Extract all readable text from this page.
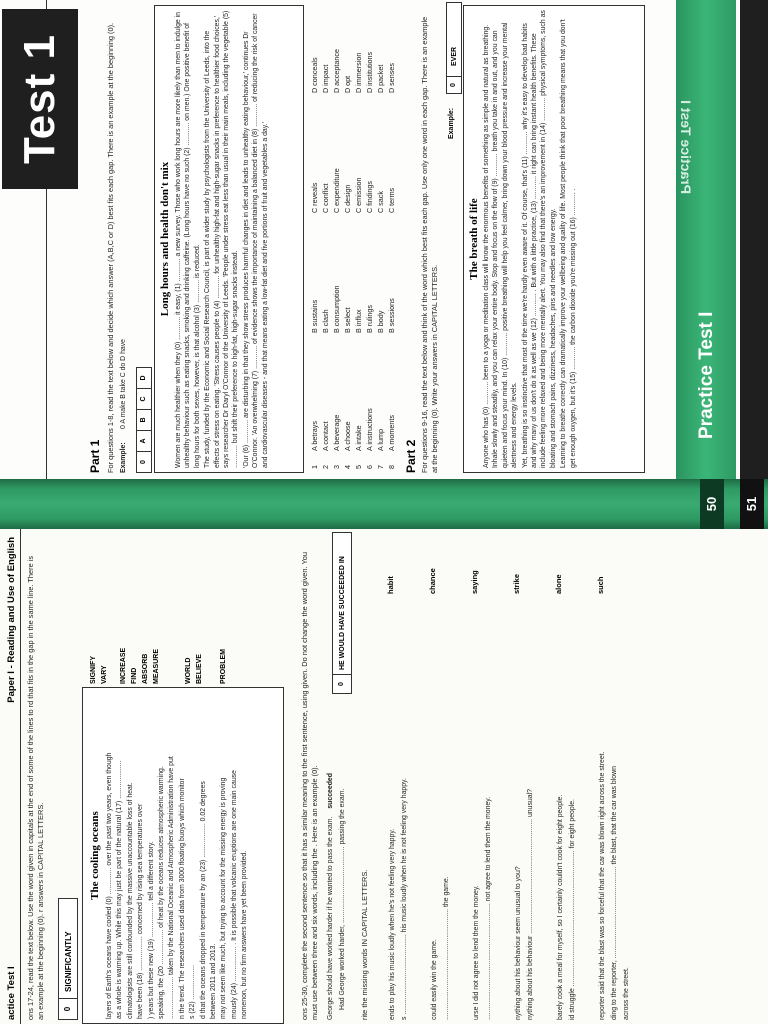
actice Test I
Paper I - Reading and Use of English ons 17-24, read the text below. Use the word given in capitals at the end of some of the lines to rd that fits in the gap in the same line. There is an example at the beginning (0). r answers in CAPITAL LETTERS.	0
SIGNIFICANTLY
The cooling oceans layers of Earth's oceans have cooled (0) .............. over the past two years, even though as a whole is warming up. While this may just be part of the natural (17) .................... climatologists are still confounded by the massive unaccountable loss of heat. have been (18) .................. concerned by rising sea temperatures over ) years but these new (19) .................. tell a different story. speaking, the (20 .................. of heat by the oceans reduces atmospheric warming. ...................... taken by the National Oceanic and Atmospheric Administration have put n the trend. The researchers used data from 3000 floating buoys which monitor s (22) .................. d that the oceans dropped in temperature by an (23) .................. 0.02 degrees between 2011 and 2013. may not seem like much, but trying to account for the missing energy is proving mously (24) .................. . It is possible that volcanic eruptions are one main cause nomenon, but no firm answers have yet been provided.

SIGNIFY VARY INCREASE FIND ABSORB MEASURE	WORLD BELIEVE PROBLEM	ons 25-30, complete the second sentence so that it has a similar meaning to the first sentence, using given. Do not change the word given. You must use between three and six words, including the . Here is an example (0). George should have worked harder if he wanted to pass the exam. succeeded Had George worked harder, ........................................ passing the exam.
0
HE WOULD HAVE SUCCEEDED IN
rite the missing words IN CAPITAL LETTERS.	ends to play his music loudly when he's not feeling very happy.
habit
s .......................................... his music loudly when he is not feeling very happy.	could easily win the game.
chance
.......................................................... the game.	urse I did not agree to lend them the money.
saying
............................................................. not agree to lend them the money.	nything about his behaviour seem unusual to you?
strike
nything about his behaviour ............................................................ unusual?	barely cook a meal for myself, so I certainly couldn't cook for eight people.
alone
id struggle ....................................................................... for eight people.	reporter said that the blast was so forceful that the car was blown right across the street.
such
ding to the reporter, ................................................ the blast, that the car was blown across the street.
50	51
Test 1
Part 1 For questions 1-8, read the text below and decide which answer (A,B,C or D) best fits each gap. There is an example at the beginning (0). Example:
0 A make B take C do D have
0
A
B
C
D
Long hours and health don't mix Women are much healthier when they (0) ............ it easy, (1) ............ a new survey. Those who work long hours are more likely than men to indulge in unhealthy behaviour such as eating snacks, smoking and drinking caffeine. (Long hours have no such (2) ............ on men.) One positive benefit of long hours for both sexes, however, is that alcohol (3) ............ is reduced. The study, funded by the Economic and Social Research Council, is part of a wider study by psychologists from the University of Leeds, into the effects of stress on eating. 'Stress causes people to (4) ............ for unhealthy high-fat and high-sugar snacks in preference to healthier food choices,' says researcher Dr Daryl O'Connor of the University of Leeds. 'People under stress eat less than usual in their main meals, including the vegetable (5) ............ but shift their preference to high-fat, high-sugar snacks instead. 'Our (6) ............ are disturbing in that they show stress produces harmful changes in diet and leads to unhealthy eating behaviour,' continues Dr O'Connor. 'An overwhelming (7) ............ of evidence shows the importance of maintaining a balanced diet in (8) ............ of reducing the risk of cancer and cardiovascular diseases - and that means eating a low-fat diet and five portions of fruit and vegetables a day.'	1
A betrays
B sustains
C reveals
D conceals
2
A contact
B clash
C conflict
D impact
3
A beverage
B consumption
C expenditure
D acceptance
4
A choose
B select
C design
D opt
5
A intake
B influx
C emission
D immersion
6
A instructions
B rulings
C findings
D institutions
7
A lump
B body
C sack
D packet
8
A moments
B sessions
C terms
D senses
Part 2 For questions 9-16, read the text below and think of the word which best fits each gap. Use only one word in each gap. There is an example at the beginning (0). Write your answers in CAPITAL LETTERS.
Example:
0
EVER
The breath of life Anyone who has (0) ............ been to a yoga or meditation class will know the enormous benefits of something as simple and natural as breathing. Inhale slowly and steadily, and you can relax your entire body. Stop and focus on the flow of (9) ............ breath you take in and out, and you can quieten and focus your mind. In (10) ............ positive breathing will help you feel calmer, bring down your blood pressure and increase your mental alertness and energy levels. Yet, breathing is so instinctive that most of the time we're hardly even aware of it. Of course, that's (11) ............ why it's easy to develop bad habits and why many of us don't do it as well as we (12) ............ . But with a little practice, (13) ............ it right can bring instant health benefits. These include feeling more relaxed and being more mentally alert. You may also find that there's an improvement in (14) ............ physical symptoms, such as bloating and stomach pains, dizziness, headaches, pins and needles and low energy. Learning to breathe correctly can dramatically improve your wellbeing and quality of life. Most people think that poor breathing means that you don't get enough oxygen, but it's (15) ............ the carbon dioxide you're missing out (16) ............ .

Practice Test I
Practice Test I
